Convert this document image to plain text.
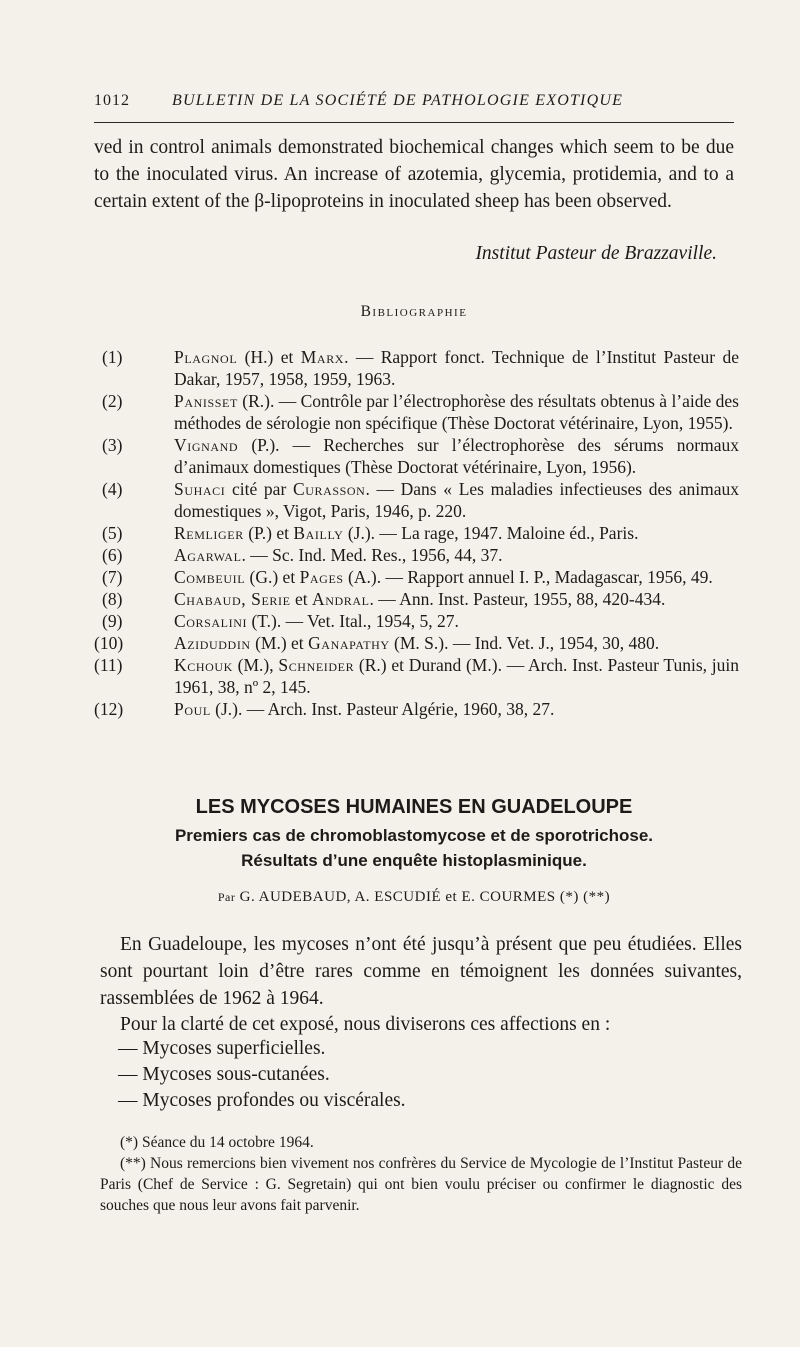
1012	BULLETIN DE LA SOCIÉTÉ DE PATHOLOGIE EXOTIQUE

ved in control animals demonstrated biochemical changes which seem to be due to the inoculated virus. An increase of azotemia, glycemia, protidemia, and to a certain extent of the β-lipoproteins in inoculated sheep has been observed.

Institut Pasteur de Brazzaville.
Bibliographie
(1)	Plagnol (H.) et Marx. — Rapport fonct. Technique de l’Institut Pasteur de Dakar, 1957, 1958, 1959, 1963.
(2)	Panisset (R.). — Contrôle par l’électrophorèse des résultats obtenus à l’aide des méthodes de sérologie non spécifique (Thèse Doctorat vétérinaire, Lyon, 1955).
(3)	Vignand (P.). — Recherches sur l’électrophorèse des sérums normaux d’animaux domestiques (Thèse Doctorat vétérinaire, Lyon, 1956).
(4)	Suhaci cité par Curasson. — Dans « Les maladies infectieuses des animaux domestiques », Vigot, Paris, 1946, p. 220.
(5)	Remliger (P.) et Bailly (J.). — La rage, 1947. Maloine éd., Paris.
(6)	Agarwal. — Sc. Ind. Med. Res., 1956, 44, 37.
(7)	Combeuil (G.) et Pages (A.). — Rapport annuel I. P., Madagascar, 1956, 49.
(8)	Chabaud, Serie et Andral. — Ann. Inst. Pasteur, 1955, 88, 420-434.
(9)	Corsalini (T.). — Vet. Ital., 1954, 5, 27.
(10)	Aziduddin (M.) et Ganapathy (M. S.). — Ind. Vet. J., 1954, 30, 480.
(11)	Kchouk (M.), Schneider (R.) et Durand (M.). — Arch. Inst. Pasteur Tunis, juin 1961, 38, nº 2, 145.
(12)	Poul (J.). — Arch. Inst. Pasteur Algérie, 1960, 38, 27.
LES MYCOSES HUMAINES EN GUADELOUPE
Premiers cas de chromoblastomycose et de sporotrichose.
Résultats d’une enquête histoplasminique.
Par G. AUDEBAUD, A. ESCUDIÉ et E. COURMES (*) (**)

En Guadeloupe, les mycoses n’ont été jusqu’à présent que peu étudiées. Elles sont pourtant loin d’être rares comme en témoignent les données suivantes, rassemblées de 1962 à 1964.

Pour la clarté de cet exposé, nous diviserons ces affections en :

— Mycoses superficielles.
— Mycoses sous-cutanées.
— Mycoses profondes ou viscérales.

(*) Séance du 14 octobre 1964.

(**) Nous remercions bien vivement nos confrères du Service de Mycologie de l’Institut Pasteur de Paris (Chef de Service : G. Segretain) qui ont bien voulu préciser ou confirmer le diagnostic des souches que nous leur avons fait parvenir.
